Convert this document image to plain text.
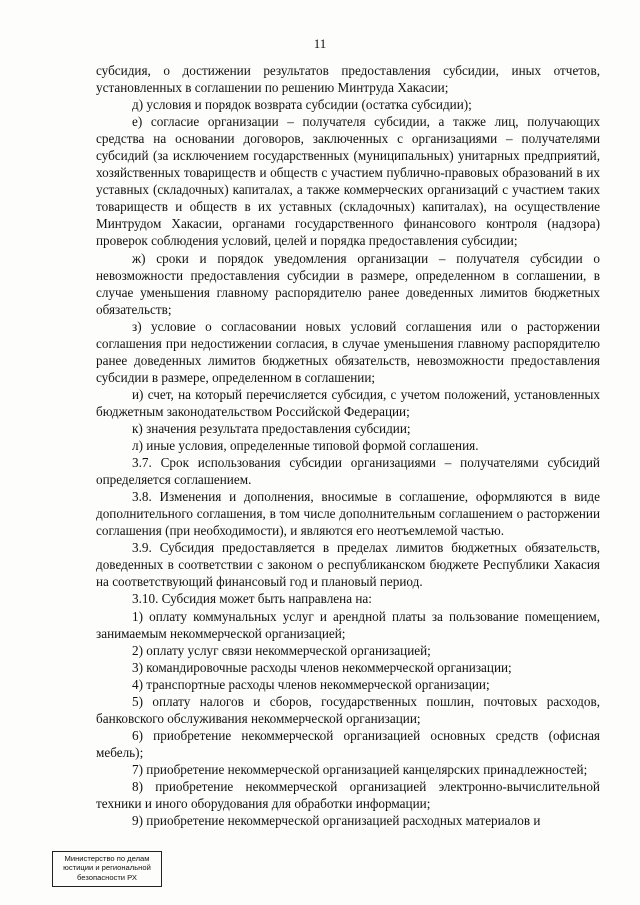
11

субсидия, о достижении результатов предоставления субсидии, иных отчетов, установленных в соглашении по решению Минтруда Хакасии;

д) условия и порядок возврата субсидии (остатка субсидии);

е) согласие организации – получателя субсидии, а также лиц, получающих средства на основании договоров, заключенных с организациями – получателями субсидий (за исключением государственных (муниципальных) унитарных предприятий, хозяйственных товариществ и обществ с участием публично-правовых образований в их уставных (складочных) капиталах, а также коммерческих организаций с участием таких товариществ и обществ в их уставных (складочных) капиталах), на осуществление Минтрудом Хакасии, органами государственного финансового контроля (надзора) проверок соблюдения условий, целей и порядка предоставления субсидии;

ж) сроки и порядок уведомления организации – получателя субсидии о невозможности предоставления субсидии в размере, определенном в соглашении, в случае уменьшения главному распорядителю ранее доведенных лимитов бюджетных обязательств;

з) условие о согласовании новых условий соглашения или о расторжении соглашения при недостижении согласия, в случае уменьшения главному распорядителю ранее доведенных лимитов бюджетных обязательств, невозможности предоставления субсидии в размере, определенном в соглашении;

и) счет, на который перечисляется субсидия, с учетом положений, установленных бюджетным законодательством Российской Федерации;

к) значения результата предоставления субсидии;

л) иные условия, определенные типовой формой соглашения.

3.7. Срок использования субсидии организациями – получателями субсидий определяется соглашением.

3.8. Изменения и дополнения, вносимые в соглашение, оформляются в виде дополнительного соглашения, в том числе дополнительным соглашением о расторжении соглашения (при необходимости), и являются его неотъемлемой частью.

3.9. Субсидия предоставляется в пределах лимитов бюджетных обязательств, доведенных в соответствии с законом о республиканском бюджете Республики Хакасия на соответствующий финансовый год и плановый период.

3.10. Субсидия может быть направлена на:

1) оплату коммунальных услуг и арендной платы за пользование помещением, занимаемым некоммерческой организацией;

2) оплату услуг связи некоммерческой организацией;

3) командировочные расходы членов некоммерческой организации;

4) транспортные расходы членов некоммерческой организации;

5) оплату налогов и сборов, государственных пошлин, почтовых расходов, банковского обслуживания некоммерческой организации;

6) приобретение некоммерческой организацией основных средств (офисная мебель);

7) приобретение некоммерческой организацией канцелярских принадлежностей;

8) приобретение некоммерческой организацией электронно-вычислительной техники и иного оборудования для обработки информации;

9) приобретение некоммерческой организацией расходных материалов и

Министерство по делам
юстиции и региональной
безопасности РХ
